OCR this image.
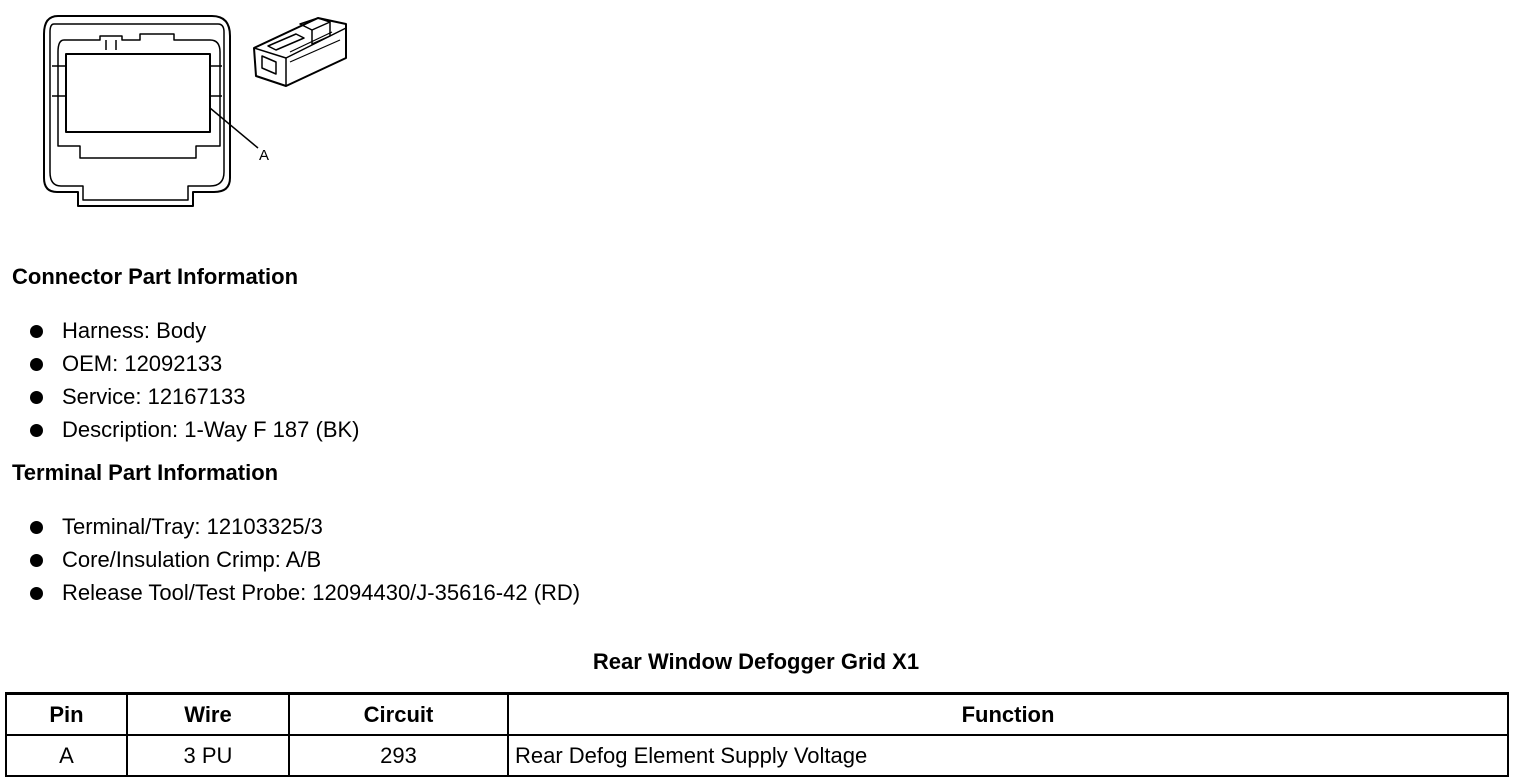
A
Connector Part Information
Harness: Body
OEM: 12092133
Service: 12167133
Description: 1-Way F 187 (BK)
Terminal Part Information
Terminal/Tray: 12103325/3
Core/Insulation Crimp: A/B
Release Tool/Test Probe: 12094430/J-35616-42 (RD)
Rear Window Defogger Grid X1
Pin	Wire	Circuit	Function
A	3 PU	293	Rear Defog Element Supply Voltage
